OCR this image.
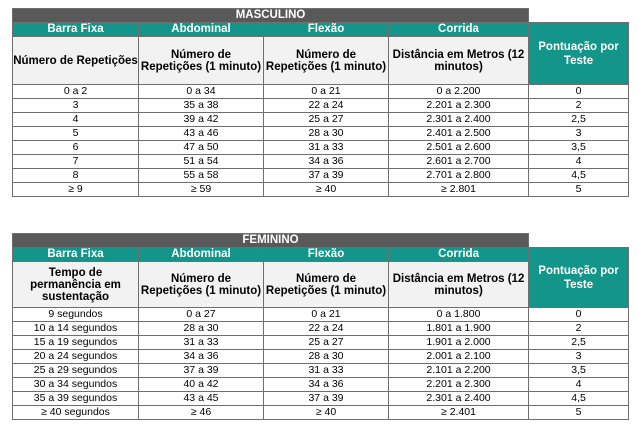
MASCULINO				
Barra Fixa	Abdominal	Flexão	Corrida	Pontuação por Teste
Número de Repetições	Número de Repetições (1 minuto)	Número de Repetições (1 minuto)	Distância em Metros (12 minutos)	
0 a 2	0 a 34	0 a 21	0 a 2.200	0
3	35 a 38	22 a 24	2.201 a 2.300	2
4	39 a 42	25 a 27	2.301 a 2.400	2,5
5	43 a 46	28 a 30	2.401 a 2.500	3
6	47 a 50	31 a 33	2.501 a 2.600	3,5
7	51 a 54	34 a 36	2.601 a 2.700	4
8	55 a 58	37 a 39	2.701 a 2.800	4,5
≥ 9	≥ 59	≥ 40	≥ 2.801	5
FEMININO				
Barra Fixa	Abdominal	Flexão	Corrida	Pontuação por Teste
Tempo de permanência em sustentação	Número de Repetições (1 minuto)	Número de Repetições (1 minuto)	Distância em Metros (12 minutos)	
9 segundos	0 a 27	0 a 21	0 a 1.800	0
10 a 14 segundos	28 a 30	22 a 24	1.801 a 1.900	2
15 a 19 segundos	31 a 33	25 a 27	1.901 a 2.000	2,5
20 a 24 segundos	34 a 36	28 a 30	2.001 a 2.100	3
25 a 29 segundos	37 a 39	31 a 33	2.101 a 2.200	3,5
30 a 34 segundos	40 a 42	34 a 36	2.201 a 2.300	4
35 a 39 segundos	43 a 45	37 a 39	2.301 a 2.400	4,5
≥ 40 segundos	≥ 46	≥ 40	≥ 2.401	5
